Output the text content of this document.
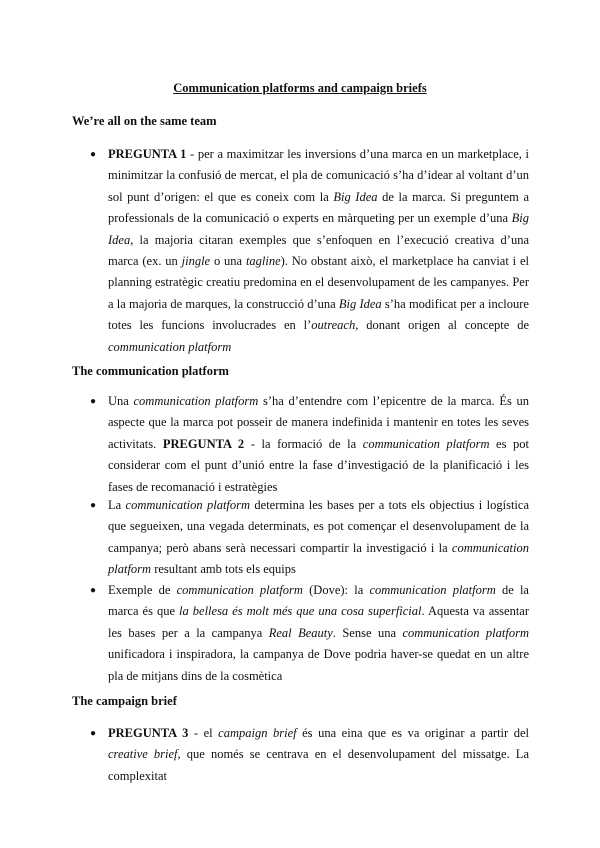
Communication platforms and campaign briefs
We’re all on the same team
● PREGUNTA 1 - per a maximitzar les inversions d’una marca en un marketplace, i minimitzar la confusió de mercat, el pla de comunicació s’ha d’idear al voltant d’un sol punt d’origen: el que es coneix com la Big Idea de la marca. Si preguntem a professionals de la comunicació o experts en màrqueting per un exemple d’una Big Idea, la majoria citaran exemples que s’enfoquen en l’execució creativa d’una marca (ex. un jingle o una tagline). No obstant això, el marketplace ha canviat i el planning estratègic creatiu predomina en el desenvolupament de les campanyes. Per a la majoria de marques, la construcció d’una Big Idea s’ha modificat per a incloure totes les funcions involucrades en l’outreach, donant origen al concepte de communication platform
The communication platform
● Una communication platform s’ha d’entendre com l’epicentre de la marca. És un aspecte que la marca pot posseir de manera indefinida i mantenir en totes les seves activitats. PREGUNTA 2 - la formació de la communication platform es pot considerar com el punt d’unió entre la fase d’investigació de la planificació i les fases de recomanació i estratègies
● La communication platform determina les bases per a tots els objectius i logística que segueixen, una vegada determinats, es pot començar el desenvolupament de la campanya; però abans serà necessari compartir la investigació i la communication platform resultant amb tots els equips
● Exemple de communication platform (Dove): la communication platform de la marca és que la bellesa és molt més que una cosa superficial. Aquesta va assentar les bases per a la campanya Real Beauty. Sense una communication platform unificadora i inspiradora, la campanya de Dove podria haver-se quedat en un altre pla de mitjans dins de la cosmètica
The campaign brief
● PREGUNTA 3 - el campaign brief és una eina que es va originar a partir del creative brief, que només se centrava en el desenvolupament del missatge. La complexitat
